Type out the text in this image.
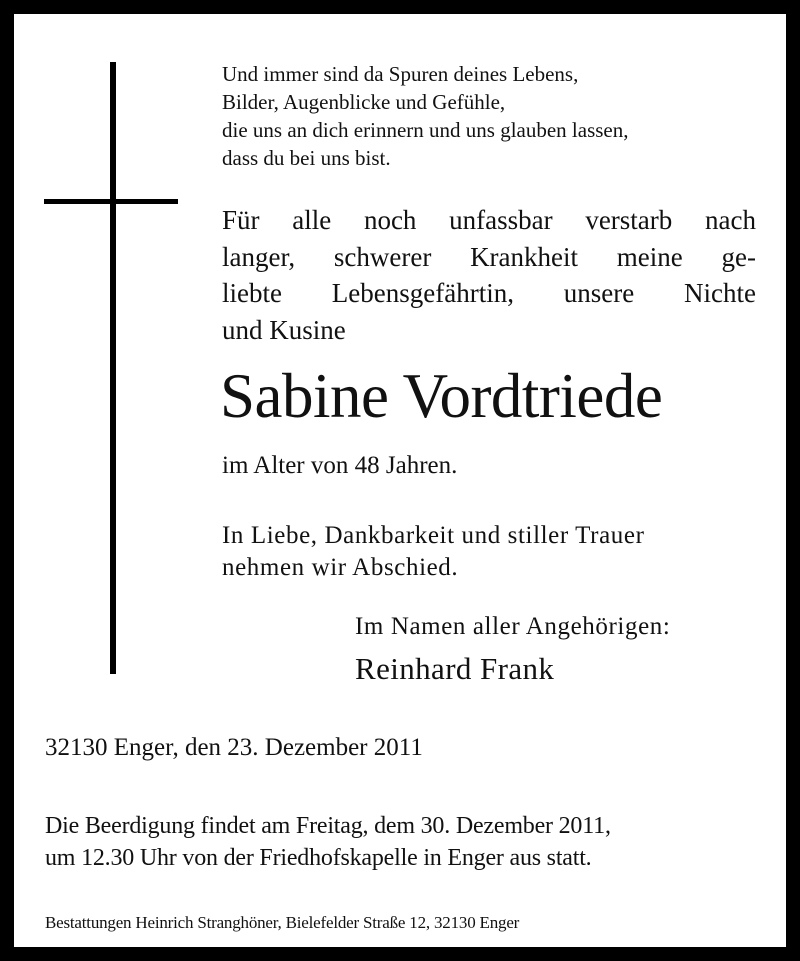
Und immer sind da Spuren deines Lebens,
Bilder, Augenblicke und Gefühle,
die uns an dich erinnern und uns glauben lassen,
dass du bei uns bist.
Für alle noch unfassbar verstarb nach
langer, schwerer Krankheit meine ge-
liebte Lebensgefährtin, unsere Nichte
und Kusine
Sabine Vordtriede
im Alter von 48 Jahren.
In Liebe, Dankbarkeit und stiller Trauer
nehmen wir Abschied.
Im Namen aller Angehörigen:
Reinhard Frank
32130 Enger, den 23. Dezember 2011
Die Beerdigung findet am Freitag, dem 30. Dezember 2011,
um 12.30 Uhr von der Friedhofskapelle in Enger aus statt.
Bestattungen Heinrich Stranghöner, Bielefelder Straße 12, 32130 Enger
